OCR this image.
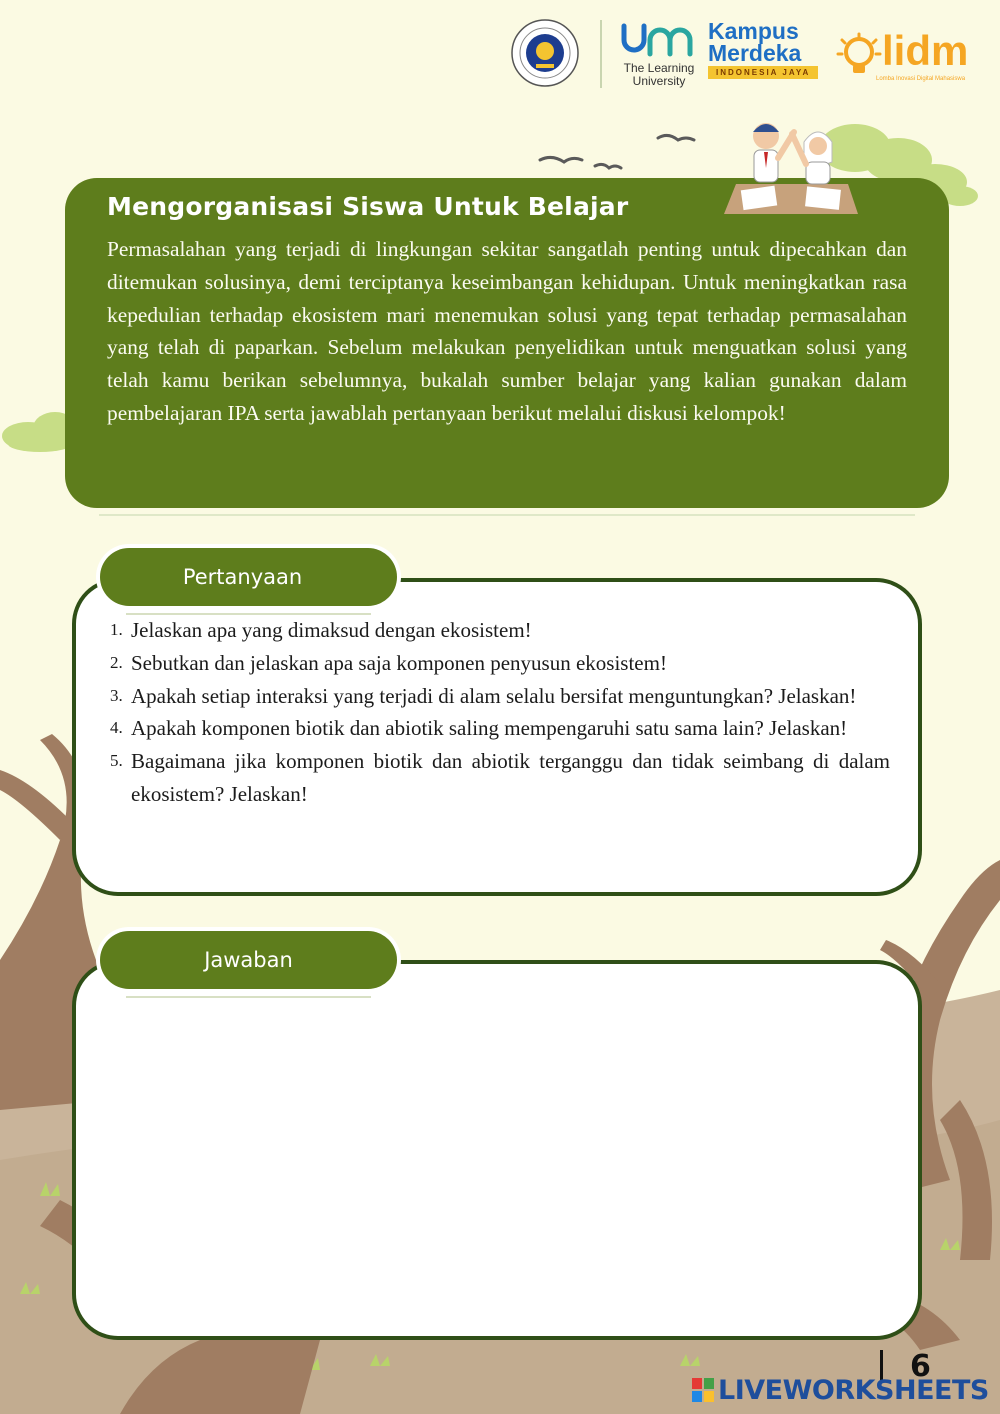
The Learning University
Kampus
Merdeka
INDONESIA JAYA lidm
Lomba Inovasi Digital Mahasiswa
Mengorganisasi Siswa Untuk Belajar

Permasalahan yang terjadi di lingkungan sekitar sangatlah penting untuk dipecahkan dan ditemukan solusinya, demi terciptanya keseimbangan kehidupan. Untuk meningkatkan rasa kepedulian terhadap ekosistem mari menemukan solusi yang tepat terhadap permasalahan yang telah di paparkan. Sebelum melakukan penyelidikan untuk menguatkan solusi yang telah kamu berikan sebelumnya, bukalah sumber belajar yang kalian gunakan dalam pembelajaran IPA serta jawablah pertanyaan berikut melalui diskusi kelompok!

Pertanyaan
1. Jelaskan apa yang dimaksud dengan ekosistem!
2. Sebutkan dan jelaskan apa saja komponen penyusun ekosistem!
3. Apakah setiap interaksi yang terjadi di alam selalu bersifat menguntungkan? Jelaskan!
4. Apakah komponen biotik dan abiotik saling mempengaruhi satu sama lain? Jelaskan!
5. Bagaimana jika komponen biotik dan abiotik terganggu dan tidak seimbang di dalam ekosistem? Jelaskan!
Jawaban
6
LIVEWORKSHEETS
